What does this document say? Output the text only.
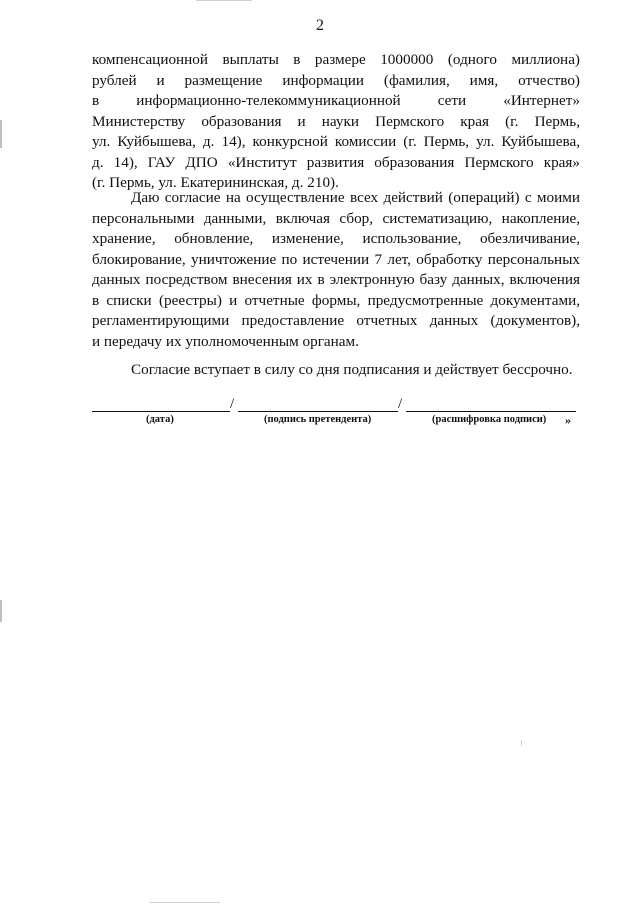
2
компенсационной выплаты в размере 1000000 (одного миллиона)
рублей и размещение информации (фамилия, имя, отчество)
в информационно-телекоммуникационной сети «Интернет»
Министерству образования и науки Пермского края (г. Пермь,
ул. Куйбышева, д. 14), конкурсной комиссии (г. Пермь, ул. Куйбышева,
д. 14), ГАУ ДПО «Институт развития образования Пермского края»
(г. Пермь, ул. Екатерининская, д. 210).
Даю согласие на осуществление всех действий (операций) с моими
персональными данными, включая сбор, систематизацию, накопление,
хранение, обновление, изменение, использование, обезличивание,
блокирование, уничтожение по истечении 7 лет, обработку персональных
данных посредством внесения их в электронную базу данных, включения
в списки (реестры) и отчетные формы, предусмотренные документами,
регламентирующими предоставление отчетных данных (документов),
и передачу их уполномоченным органам.
Согласие вступает в силу со дня подписания и действует бессрочно.
/	/
(дата)	(подпись претендента)	(расшифровка подписи) »
